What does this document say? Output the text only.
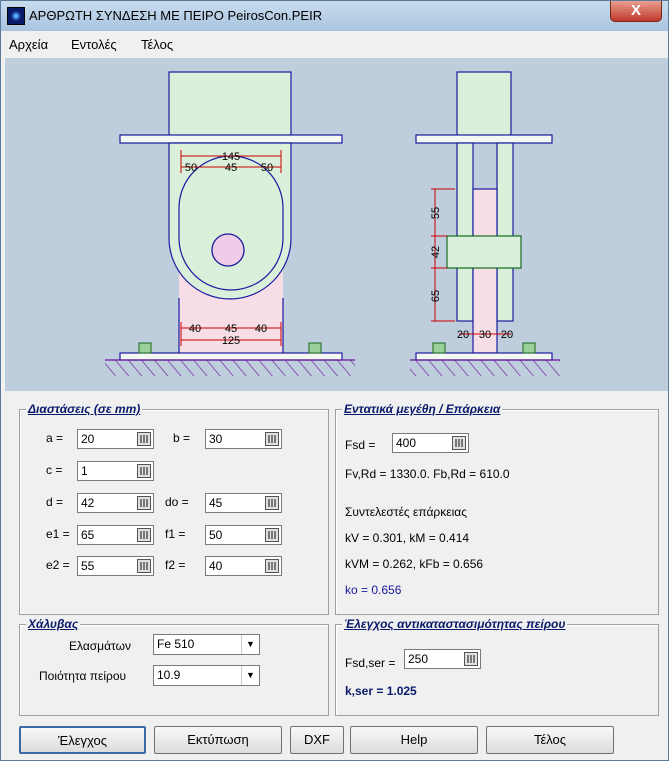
ΑΡΘΡΩΤΗ ΣΥΝΔΕΣΗ ΜΕ ΠΕΙΡΟ PeirosCon.PEIR	X
Αρχεία Εντολές Τέλος
145
50	45 50
40 45 40
125
55
42
65
20 30 20
Διαστάσεις (σε mm)
a = 20	b = 30
c = 1
d = 42	do = 45
e1 = 65	f1 = 50
e2 = 55	f2 = 40
Εντατικά μεγέθη / Επάρκεια
Fsd = 400
Fv,Rd = 1330.0. Fb,Rd = 610.0
Συντελεστές επάρκειας
kV = 0.301, kM = 0.414
kVM = 0.262, kFb = 0.656
ko = 0.656
Χάλυβας
Ελασμάτων Fe 510	▼
Ποιότητα πείρου	10.9	▼
Έλεγχος αντικαταστασιμότητας πείρου
Fsd,ser = 250
k,ser = 1.025
Έλεγχος	Εκτύπωση	DXF	Help	Τέλος
